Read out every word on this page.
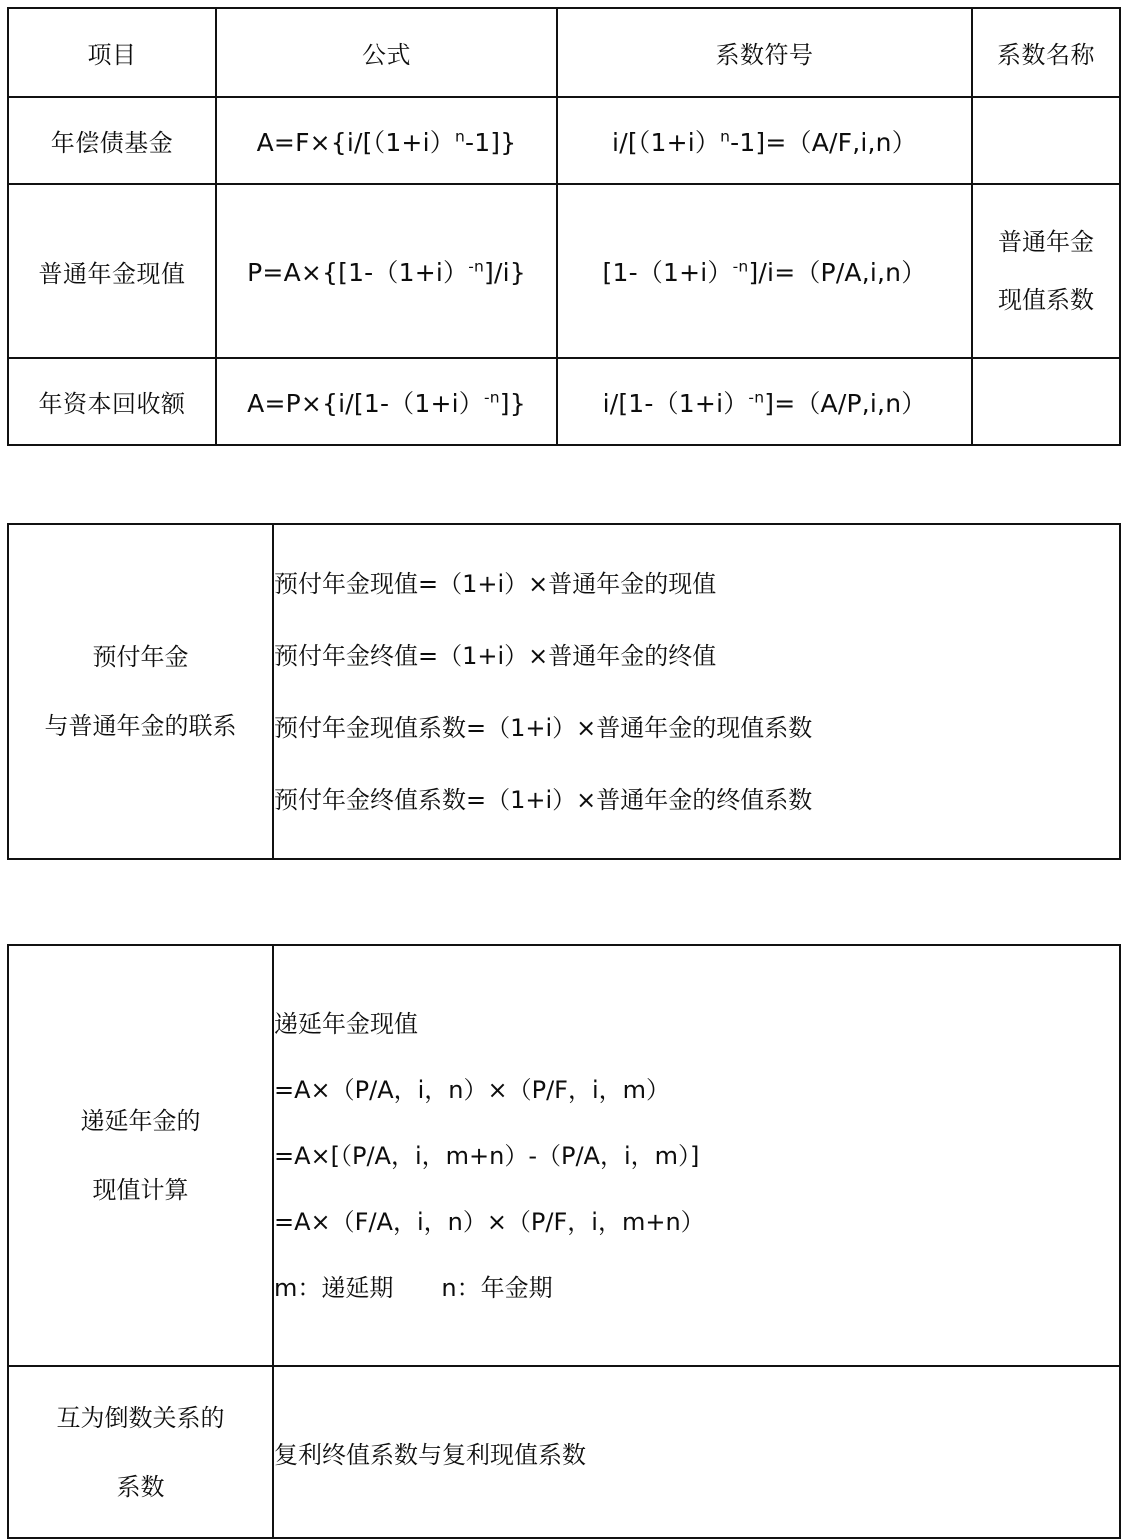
项目	公式	系数符号	系数名称
年偿债基金	$A=F\times\{i/[(1+i)^n-1]\}$	$i/[(1+i)^n-1]=(A/F,i,n)$	
普通年金现值	$P=A\times\{[1-(1+i)^{-n}]/i\}$	$[1-(1+i)^{-n}]/i=(P/A,i,n)$	普通年金
现值系数

年资本回收额	$A=P\times\{i/[1-(1+i)^{-n}]\}$	$i/[1-(1+i)^{-n}]=(A/P,i,n)$	
预付年金
与普通年金的联系

预付年金现值=（1+i）×普通年金的现值
预付年金终值=（1+i）×普通年金的终值
预付年金现值系数=（1+i）×普通年金的现值系数
预付年金终值系数=（1+i）×普通年金的终值系数
递延年金的
现值计算	递延年金现值
=A×（P/A，i，n）×（P/F，i，m）
=A×[（P/A，i，m+n）-（P/A，i，m）]
=A×（F/A，i，n）×（P/F，i，m+n）
m：递延期　　n：年金期

互为倒数关系的
系数	复利终值系数与复利现值系数
